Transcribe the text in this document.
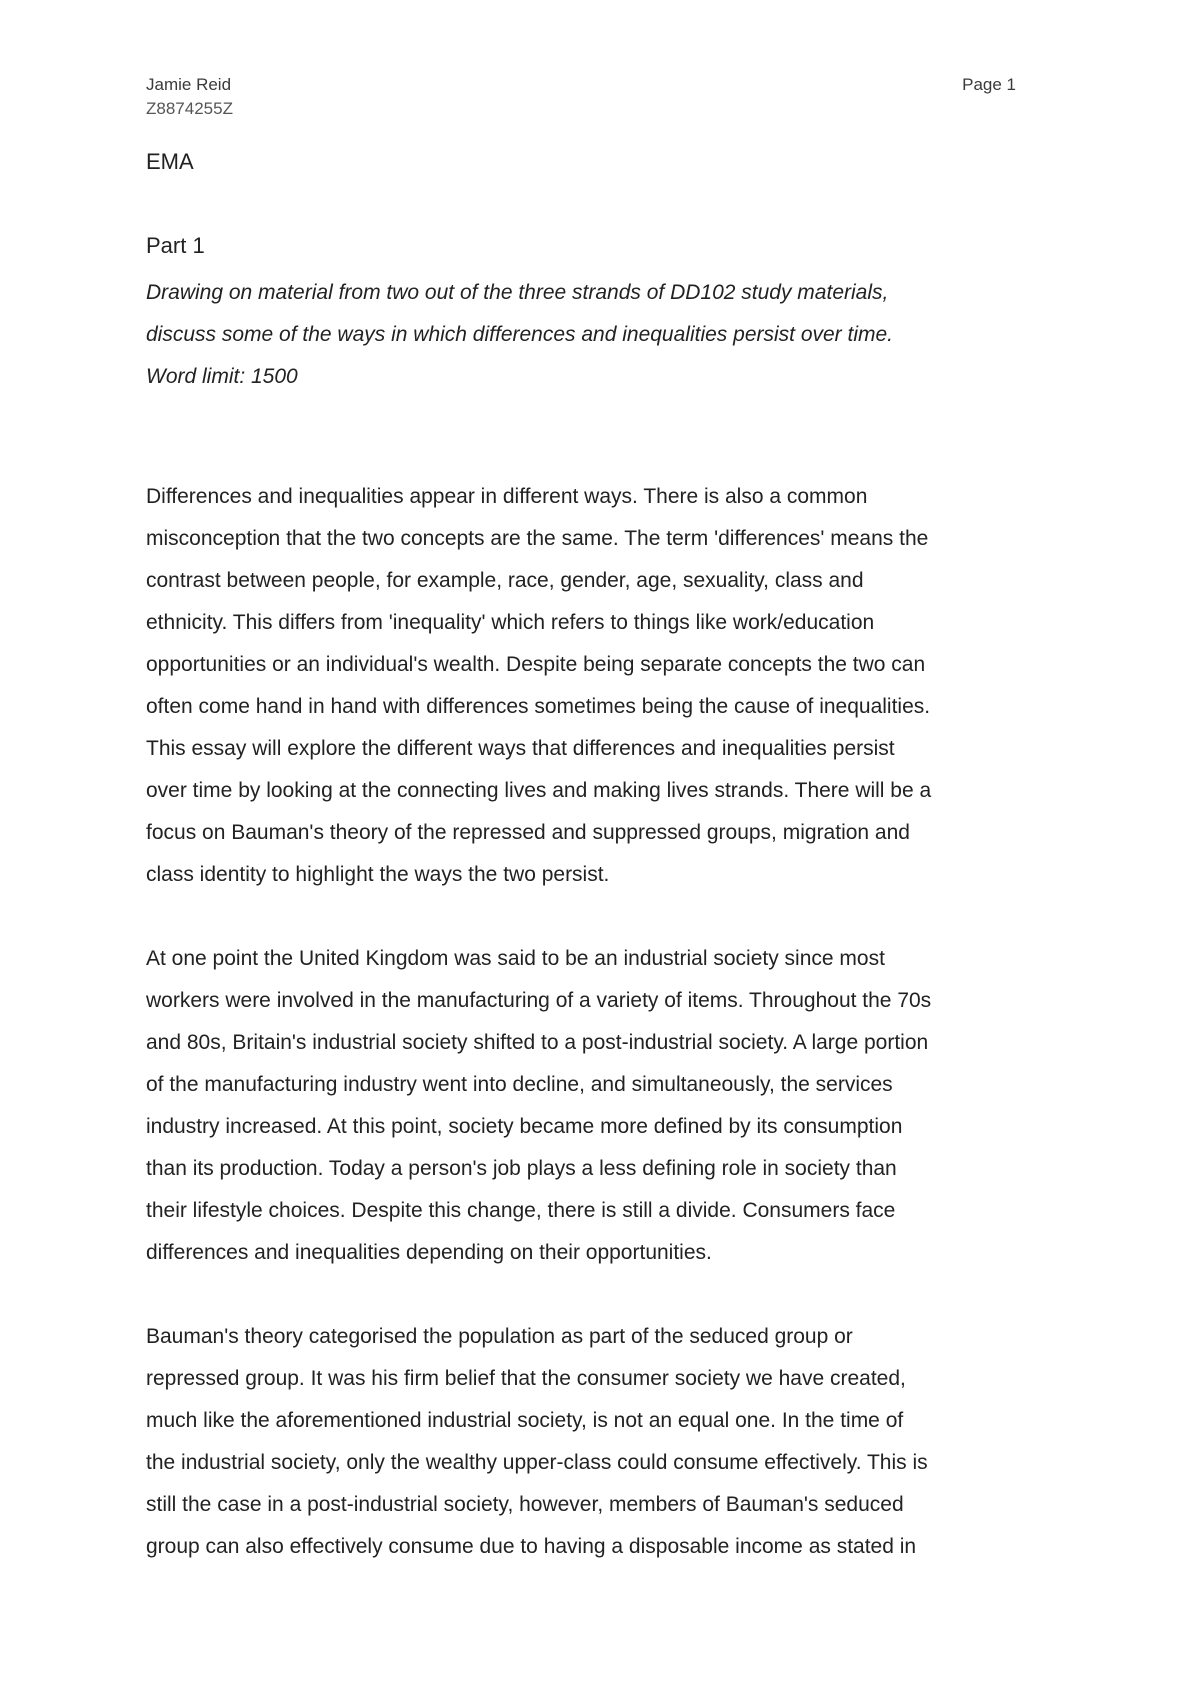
Jamie Reid	Page 1
Z8874255Z
EMA
Part 1

Drawing on material from two out of the three strands of DD102 study materials,

discuss some of the ways in which differences and inequalities persist over time.

Word limit: 1500

Differences and inequalities appear in different ways. There is also a common
misconception that the two concepts are the same. The term 'differences' means the
contrast between people, for example, race, gender, age, sexuality, class and
ethnicity. This differs from 'inequality' which refers to things like work/education
opportunities or an individual's wealth. Despite being separate concepts the two can
often come hand in hand with differences sometimes being the cause of inequalities.
This essay will explore the different ways that differences and inequalities persist
over time by looking at the connecting lives and making lives strands. There will be a
focus on Bauman's theory of the repressed and suppressed groups, migration and
class identity to highlight the ways the two persist.
At one point the United Kingdom was said to be an industrial society since most
workers were involved in the manufacturing of a variety of items. Throughout the 70s
and 80s, Britain's industrial society shifted to a post-industrial society. A large portion
of the manufacturing industry went into decline, and simultaneously, the services
industry increased. At this point, society became more defined by its consumption
than its production. Today a person's job plays a less defining role in society than
their lifestyle choices. Despite this change, there is still a divide. Consumers face
differences and inequalities depending on their opportunities.
Bauman's theory categorised the population as part of the seduced group or
repressed group. It was his firm belief that the consumer society we have created,
much like the aforementioned industrial society, is not an equal one. In the time of
the industrial society, only the wealthy upper-class could consume effectively. This is
still the case in a post-industrial society, however, members of Bauman's seduced
group can also effectively consume due to having a disposable income as stated in
